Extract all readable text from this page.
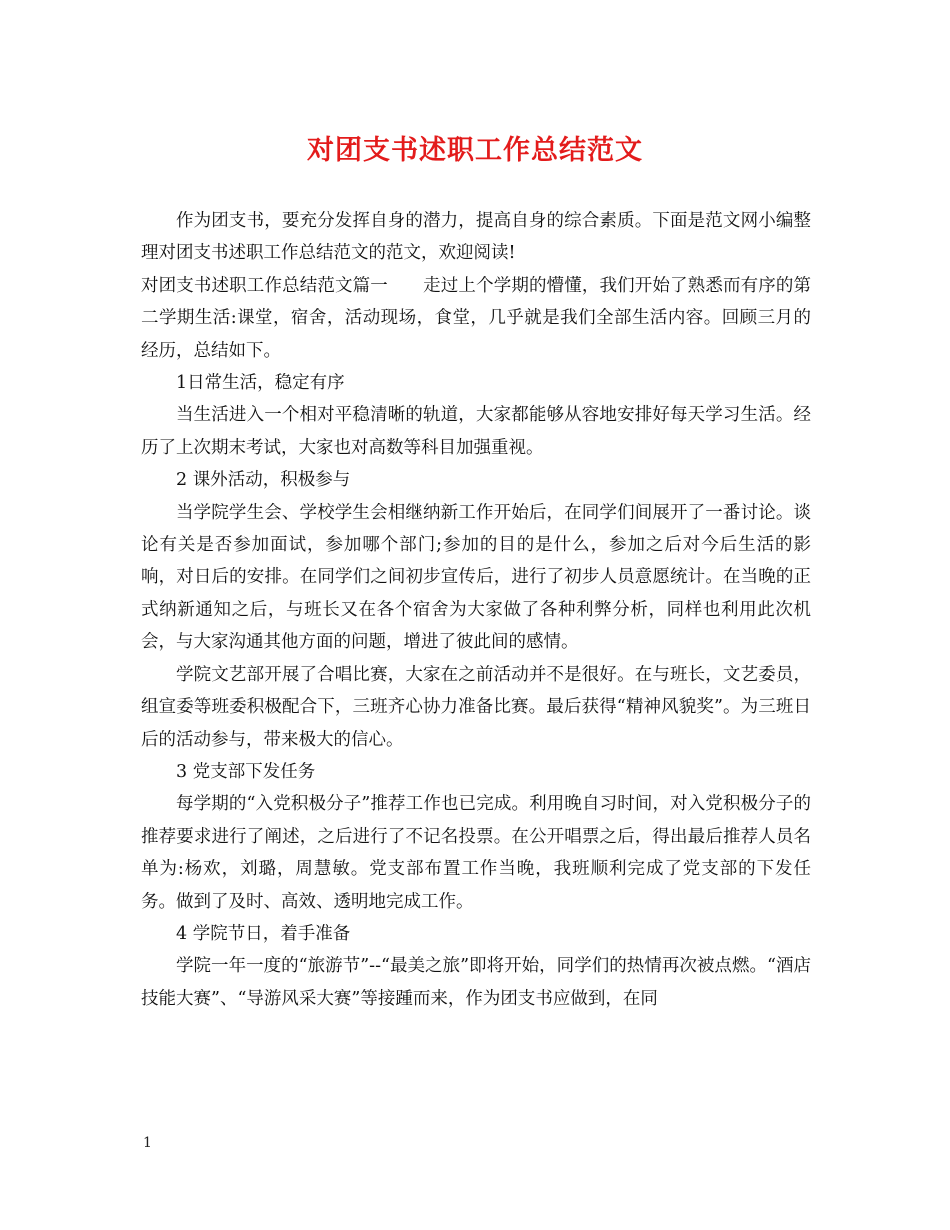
对团支书述职工作总结范文

作为团支书，要充分发挥自身的潜力，提高自身的综合素质。下面是范文网小编整理对团支书述职工作总结范文的范文，欢迎阅读!

对团支书述职工作总结范文篇一　　走过上个学期的懵懂，我们开始了熟悉而有序的第二学期生活:课堂，宿舍，活动现场，食堂，几乎就是我们全部生活内容。回顾三月的经历，总结如下。

1日常生活，稳定有序

当生活进入一个相对平稳清晰的轨道，大家都能够从容地安排好每天学习生活。经历了上次期末考试，大家也对高数等科目加强重视。

2 课外活动，积极参与

当学院学生会、学校学生会相继纳新工作开始后，在同学们间展开了一番讨论。谈论有关是否参加面试，参加哪个部门;参加的目的是什么，参加之后对今后生活的影响，对日后的安排。在同学们之间初步宣传后，进行了初步人员意愿统计。在当晚的正式纳新通知之后，与班长又在各个宿舍为大家做了各种利弊分析，同样也利用此次机会，与大家沟通其他方面的问题，增进了彼此间的感情。

学院文艺部开展了合唱比赛，大家在之前活动并不是很好。在与班长，文艺委员，组宣委等班委积极配合下，三班齐心协力准备比赛。最后获得“精神风貌奖”。为三班日后的活动参与，带来极大的信心。

3 党支部下发任务

每学期的“入党积极分子”推荐工作也已完成。利用晚自习时间，对入党积极分子的推荐要求进行了阐述，之后进行了不记名投票。在公开唱票之后，得出最后推荐人员名单为:杨欢，刘璐，周慧敏。党支部布置工作当晚，我班顺利完成了党支部的下发任务。做到了及时、高效、透明地完成工作。

4 学院节日，着手准备

学院一年一度的“旅游节”--“最美之旅”即将开始，同学们的热情再次被点燃。“酒店技能大赛”、“导游风采大赛”等接踵而来，作为团支书应做到，在同

1
